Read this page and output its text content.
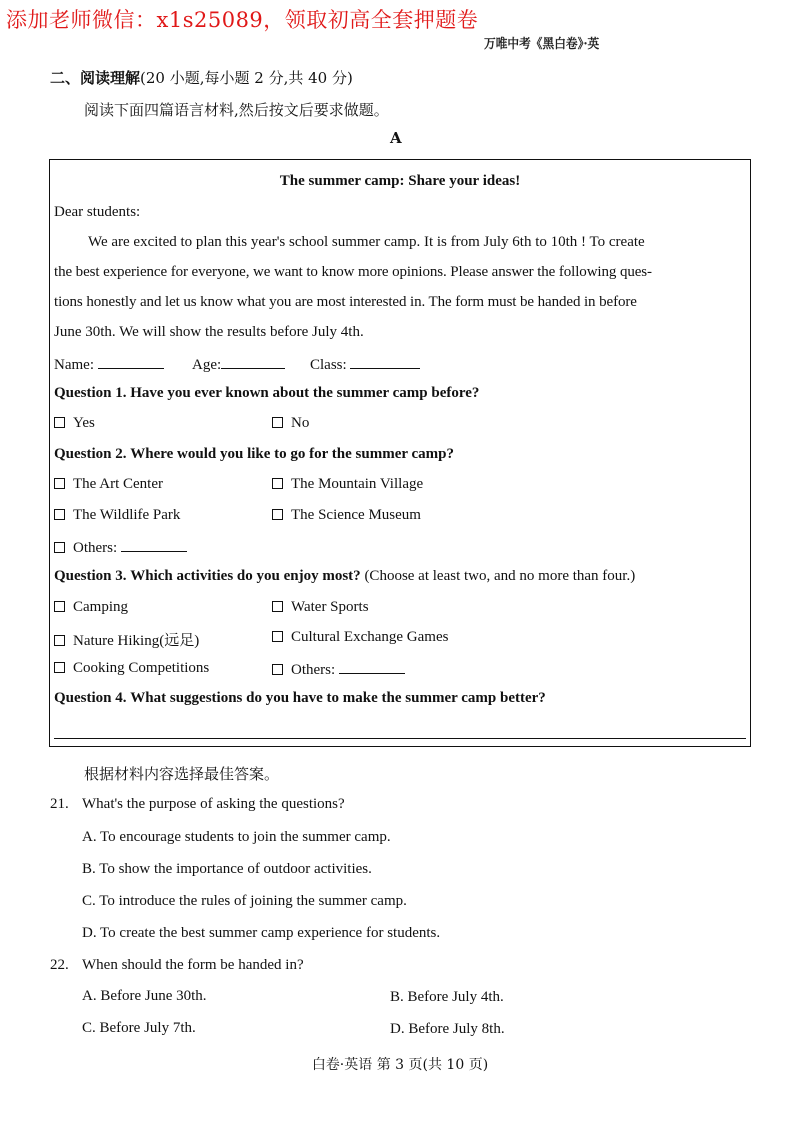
添加老师微信：x1s25089，领取初高全套押题卷
万唯中考《黑白卷》·英
二、阅读理解(20 小题,每小题 2 分,共 40 分)
阅读下面四篇语言材料,然后按文后要求做题。
A
The summer camp: Share your ideas!
Dear students:
We are excited to plan this year's school summer camp. It is from July 6th to 10th ! To create
the best experience for everyone, we want to know more opinions. Please answer the following ques-
tions honestly and let us know what you are most interested in. The form must be handed in before
June 30th. We will show the results before July 4th.
Name:	Age:	Class:
Question 1. Have you ever known about the summer camp before?
Yes	No
Question 2. Where would you like to go for the summer camp?
The Art Center	The Mountain Village
The Wildlife Park	The Science Museum
Others:
Question 3. Which activities do you enjoy most? (Choose at least two, and no more than four.)
Camping	Water Sports
Nature Hiking(远足)	Cultural Exchange Games
Cooking Competitions	Others:
Question 4. What suggestions do you have to make the summer camp better?
根据材料内容选择最佳答案。
21. What's the purpose of asking the questions?
A. To encourage students to join the summer camp.
B. To show the importance of outdoor activities.
C. To introduce the rules of joining the summer camp.
D. To create the best summer camp experience for students.
22. When should the form be handed in?
A. Before June 30th.	B. Before July 4th.
C. Before July 7th.	D. Before July 8th.
白卷·英语 第 3 页(共 10 页)
